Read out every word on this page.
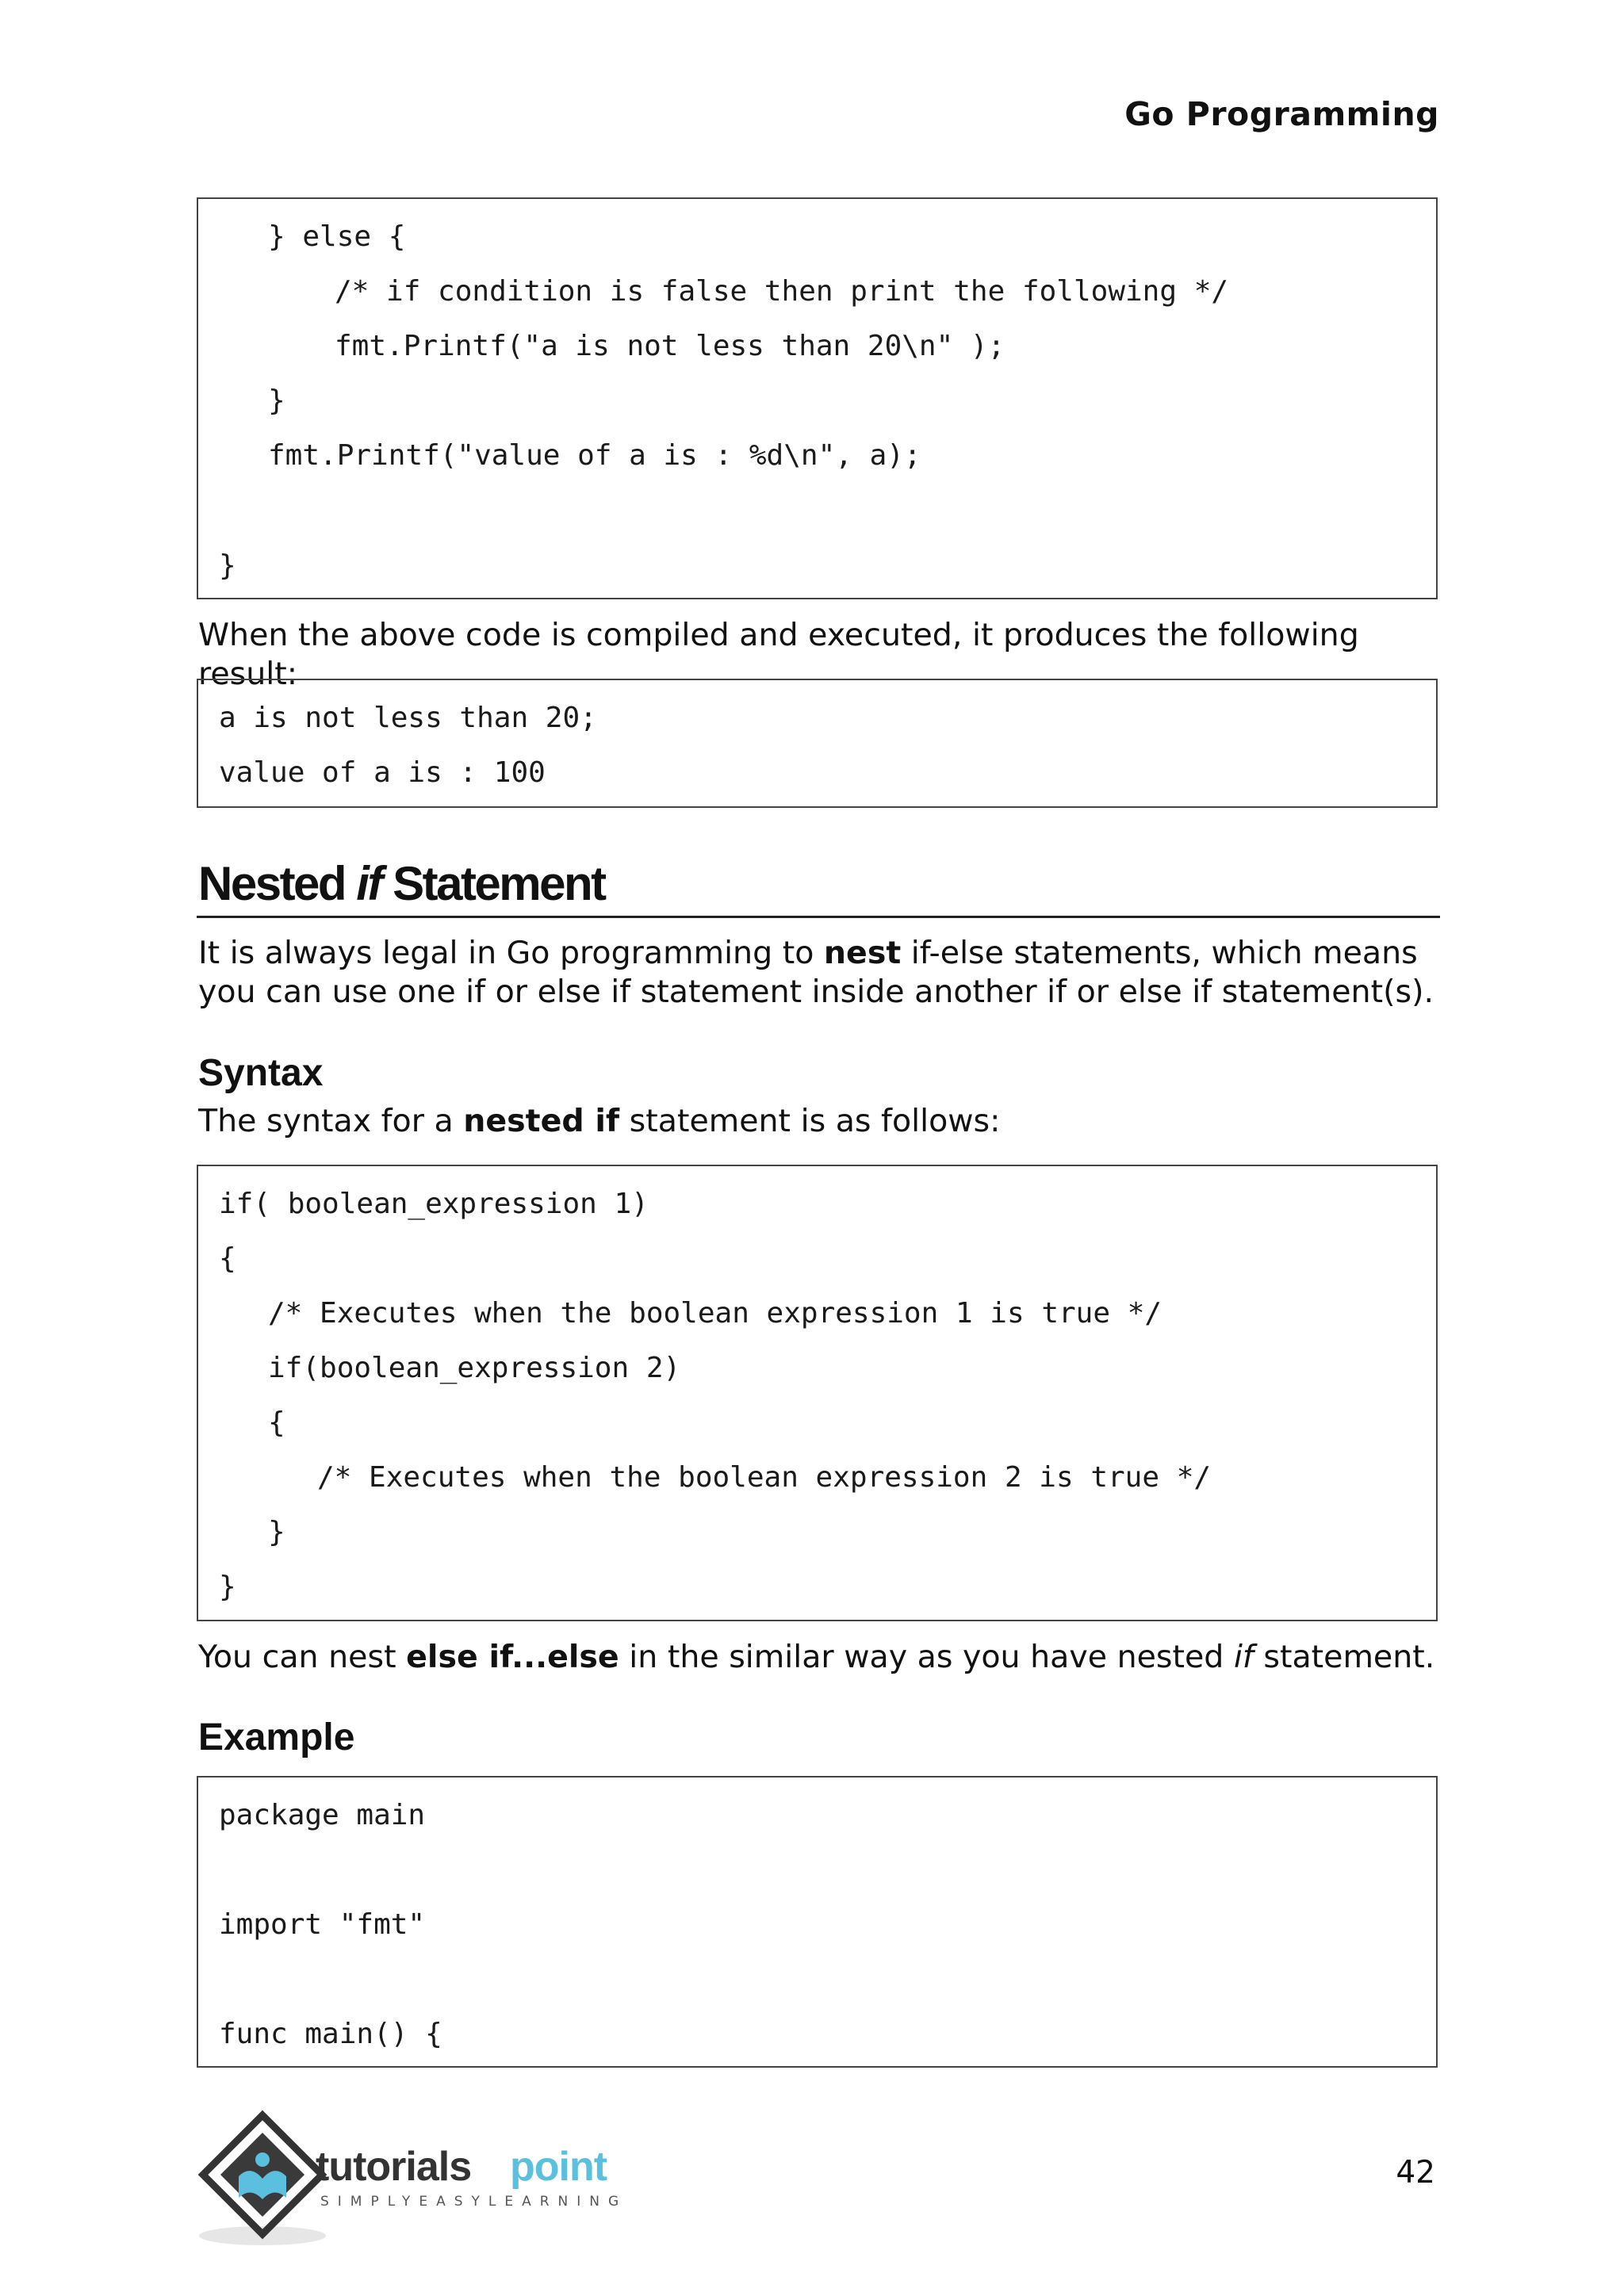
Go Programming
} else {
/* if condition is false then print the following */
fmt.Printf("a is not less than 20\n" );
}
fmt.Printf("value of a is : %d\n", a);
}
When the above code is compiled and executed, it produces the following result:
a is not less than 20;
value of a is : 100
Nested if Statement
It is always legal in Go programming to nest if-else statements, which means you can use one if or else if statement inside another if or else if statement(s).
Syntax
The syntax for a nested if statement is as follows:
if( boolean_expression 1)
{
/* Executes when the boolean expression 1 is true */
if(boolean_expression 2)
{
/* Executes when the boolean expression 2 is true */
}
}
You can nest else if...else in the similar way as you have nested if statement.
Example
package main
import "fmt"
func main() {
tutorials point
SIMPLYEASYLEARNING
42
